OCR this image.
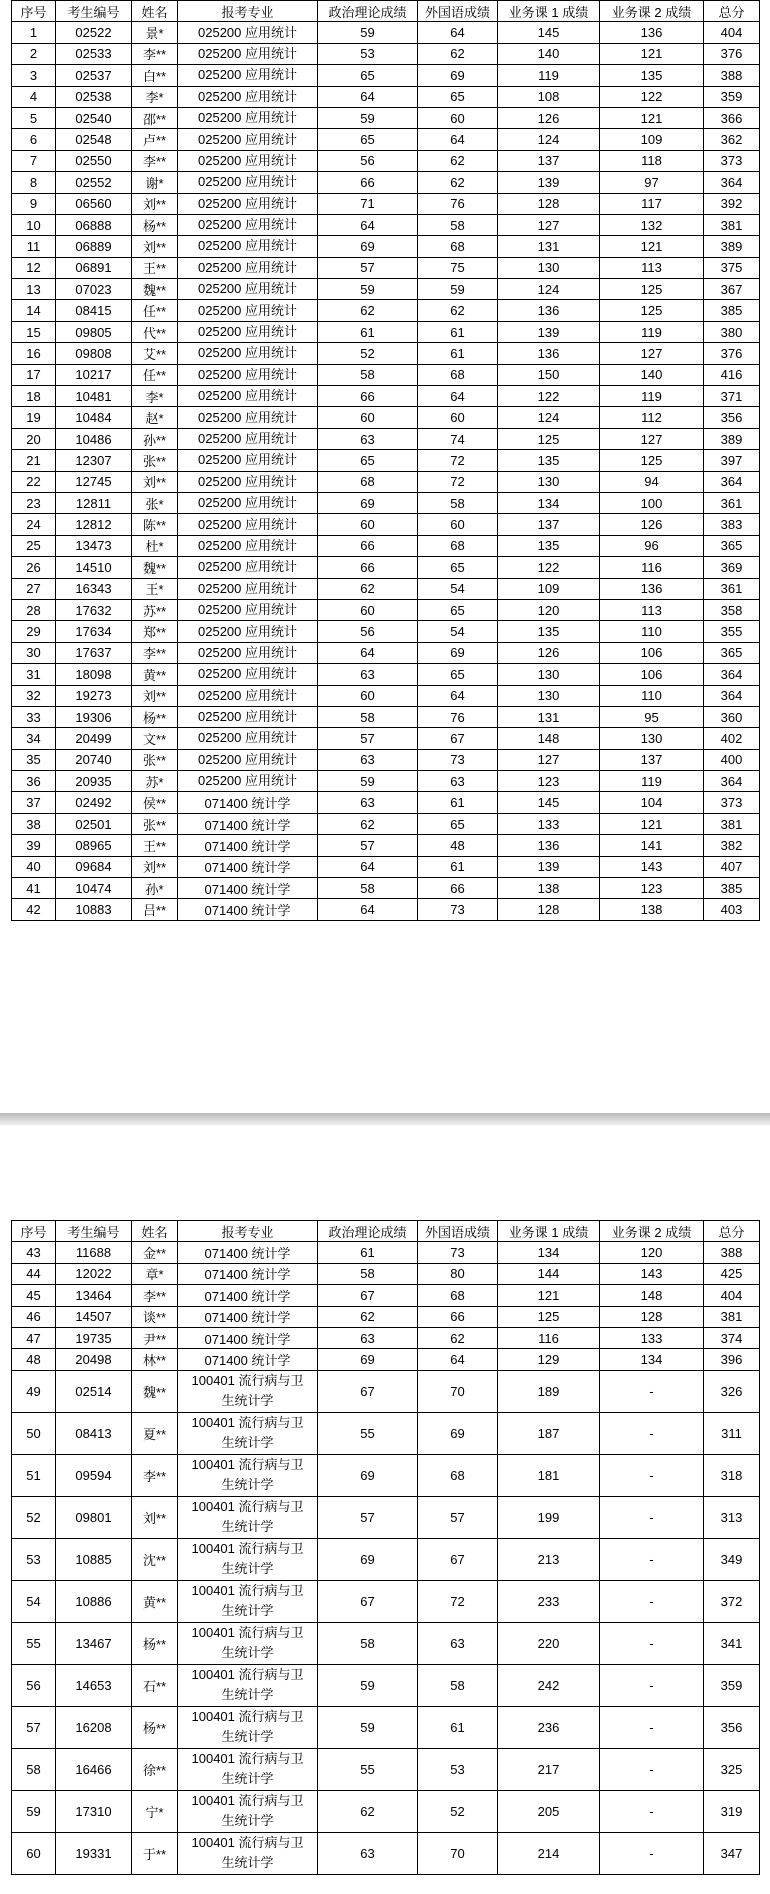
序号	考生编号	姓名	报考专业	政治理论成绩	外国语成绩	业务课 1 成绩	业务课 2 成绩	总分
1	02522	景*	025200 应用统计	59	64	145	136	404
2	02533	李**	025200 应用统计	53	62	140	121	376
3	02537	白**	025200 应用统计	65	69	119	135	388
4	02538	李*	025200 应用统计	64	65	108	122	359
5	02540	邵**	025200 应用统计	59	60	126	121	366
6	02548	卢**	025200 应用统计	65	64	124	109	362
7	02550	李**	025200 应用统计	56	62	137	118	373
8	02552	谢*	025200 应用统计	66	62	139	97	364
9	06560	刘**	025200 应用统计	71	76	128	117	392
10	06888	杨**	025200 应用统计	64	58	127	132	381
11	06889	刘**	025200 应用统计	69	68	131	121	389
12	06891	王**	025200 应用统计	57	75	130	113	375
13	07023	魏**	025200 应用统计	59	59	124	125	367
14	08415	任**	025200 应用统计	62	62	136	125	385
15	09805	代**	025200 应用统计	61	61	139	119	380
16	09808	艾**	025200 应用统计	52	61	136	127	376
17	10217	任**	025200 应用统计	58	68	150	140	416
18	10481	李*	025200 应用统计	66	64	122	119	371
19	10484	赵*	025200 应用统计	60	60	124	112	356
20	10486	孙**	025200 应用统计	63	74	125	127	389
21	12307	张**	025200 应用统计	65	72	135	125	397
22	12745	刘**	025200 应用统计	68	72	130	94	364
23	12811	张*	025200 应用统计	69	58	134	100	361
24	12812	陈**	025200 应用统计	60	60	137	126	383
25	13473	杜*	025200 应用统计	66	68	135	96	365
26	14510	魏**	025200 应用统计	66	65	122	116	369
27	16343	王*	025200 应用统计	62	54	109	136	361
28	17632	苏**	025200 应用统计	60	65	120	113	358
29	17634	郑**	025200 应用统计	56	54	135	110	355
30	17637	李**	025200 应用统计	64	69	126	106	365
31	18098	黄**	025200 应用统计	63	65	130	106	364
32	19273	刘**	025200 应用统计	60	64	130	110	364
33	19306	杨**	025200 应用统计	58	76	131	95	360
34	20499	文**	025200 应用统计	57	67	148	130	402
35	20740	张**	025200 应用统计	63	73	127	137	400
36	20935	苏*	025200 应用统计	59	63	123	119	364
37	02492	侯**	071400 统计学	63	61	145	104	373
38	02501	张**	071400 统计学	62	65	133	121	381
39	08965	王**	071400 统计学	57	48	136	141	382
40	09684	刘**	071400 统计学	64	61	139	143	407
41	10474	孙*	071400 统计学	58	66	138	123	385
42	10883	吕**	071400 统计学	64	73	128	138	403
序号	考生编号	姓名	报考专业	政治理论成绩	外国语成绩	业务课 1 成绩	业务课 2 成绩	总分
43	11688	金**	071400 统计学	61	73	134	120	388
44	12022	章*	071400 统计学	58	80	144	143	425
45	13464	李**	071400 统计学	67	68	121	148	404
46	14507	谈**	071400 统计学	62	66	125	128	381
47	19735	尹**	071400 统计学	63	62	116	133	374
48	20498	林**	071400 统计学	69	64	129	134	396
49	02514	魏**	100401 流行病与卫生统计学	67	70	189	-	326
50	08413	夏**	100401 流行病与卫生统计学	55	69	187	-	311
51	09594	李**	100401 流行病与卫生统计学	69	68	181	-	318
52	09801	刘**	100401 流行病与卫生统计学	57	57	199	-	313
53	10885	沈**	100401 流行病与卫生统计学	69	67	213	-	349
54	10886	黄**	100401 流行病与卫生统计学	67	72	233	-	372
55	13467	杨**	100401 流行病与卫生统计学	58	63	220	-	341
56	14653	石**	100401 流行病与卫生统计学	59	58	242	-	359
57	16208	杨**	100401 流行病与卫生统计学	59	61	236	-	356
58	16466	徐**	100401 流行病与卫生统计学	55	53	217	-	325
59	17310	宁*	100401 流行病与卫生统计学	62	52	205	-	319
60	19331	于**	100401 流行病与卫生统计学	63	70	214	-	347
